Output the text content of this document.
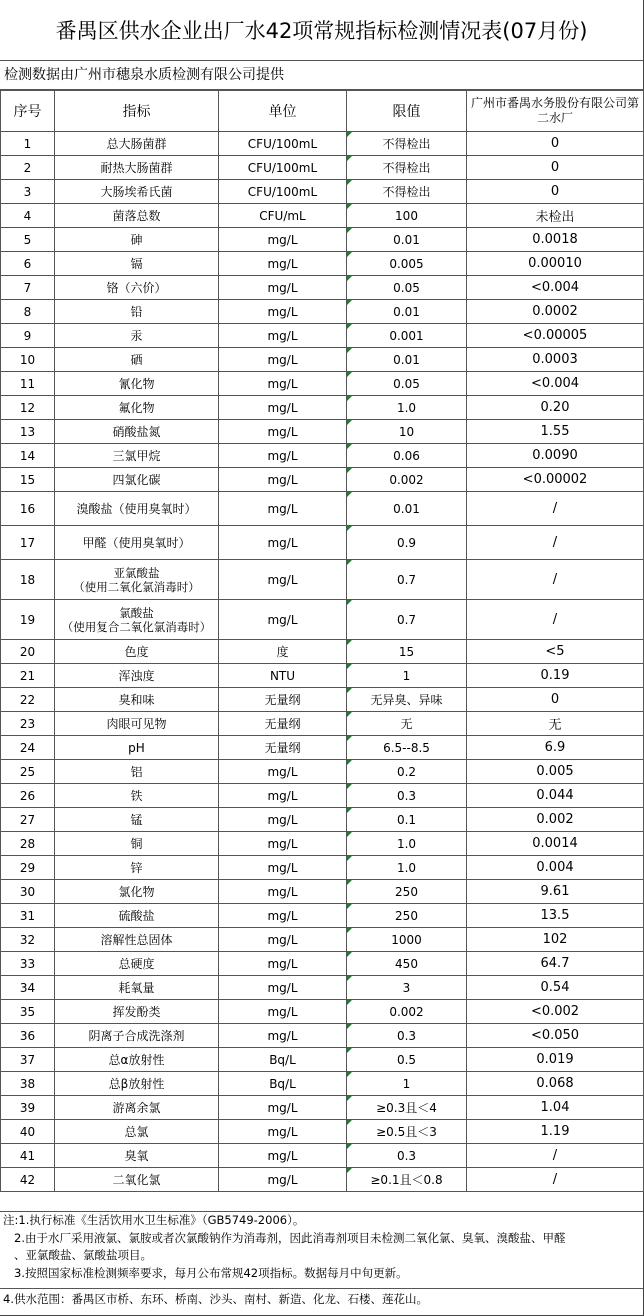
番禺区供水企业出厂水42项常规指标检测情况表(07月份)
检测数据由广州市穗泉水质检测有限公司提供
序号	指标	单位	限值	广州市番禺水务股份有限公司第二水厂
1	总大肠菌群	CFU/100mL	不得检出	0
2	耐热大肠菌群	CFU/100mL	不得检出	0
3	大肠埃希氏菌	CFU/100mL	不得检出	0
4	菌落总数	CFU/mL	100	未检出
5	砷	mg/L	0.01	0.0018
6	镉	mg/L	0.005	0.00010
7	铬（六价）	mg/L	0.05	<0.004
8	铅	mg/L	0.01	0.0002
9	汞	mg/L	0.001	<0.00005
10	硒	mg/L	0.01	0.0003
11	氰化物	mg/L	0.05	<0.004
12	氟化物	mg/L	1.0	0.20
13	硝酸盐氮	mg/L	10	1.55
14	三氯甲烷	mg/L	0.06	0.0090
15	四氯化碳	mg/L	0.002	<0.00002
16	溴酸盐（使用臭氧时）	mg/L	0.01	/
17	甲醛（使用臭氧时）	mg/L	0.9	/
18	亚氯酸盐
（使用二氧化氯消毒时）	mg/L	0.7	/
19	氯酸盐
（使用复合二氧化氯消毒时）	mg/L	0.7	/
20	色度	度	15	<5
21	浑浊度	NTU	1	0.19
22	臭和味	无量纲	无异臭、异味	0
23	肉眼可见物	无量纲	无	无
24	pH	无量纲	6.5--8.5	6.9
25	铝	mg/L	0.2	0.005
26	铁	mg/L	0.3	0.044
27	锰	mg/L	0.1	0.002
28	铜	mg/L	1.0	0.0014
29	锌	mg/L	1.0	0.004
30	氯化物	mg/L	250	9.61
31	硫酸盐	mg/L	250	13.5
32	溶解性总固体	mg/L	1000	102
33	总硬度	mg/L	450	64.7
34	耗氧量	mg/L	3	0.54
35	挥发酚类	mg/L	0.002	<0.002
36	阴离子合成洗涤剂	mg/L	0.3	<0.050
37	总α放射性	Bq/L	0.5	0.019
38	总β放射性	Bq/L	1	0.068
39	游离余氯	mg/L	≥0.3且＜4	1.04
40	总氯	mg/L	≥0.5且＜3	1.19
41	臭氧	mg/L	0.3	/
42	二氧化氯	mg/L	≥0.1且＜0.8	/
注:1.执行标准《生活饮用水卫生标准》（GB5749-2006）。
2.由于水厂采用液氯、氯胺或者次氯酸钠作为消毒剂，因此消毒剂项目未检测二氧化氯、臭氧、溴酸盐、甲醛
、亚氯酸盐、氯酸盐项目。
3.按照国家标准检测频率要求，每月公布常规42项指标。数据每月中旬更新。
4.供水范围：番禺区市桥、东环、桥南、沙头、南村、新造、化龙、石楼、莲花山。
